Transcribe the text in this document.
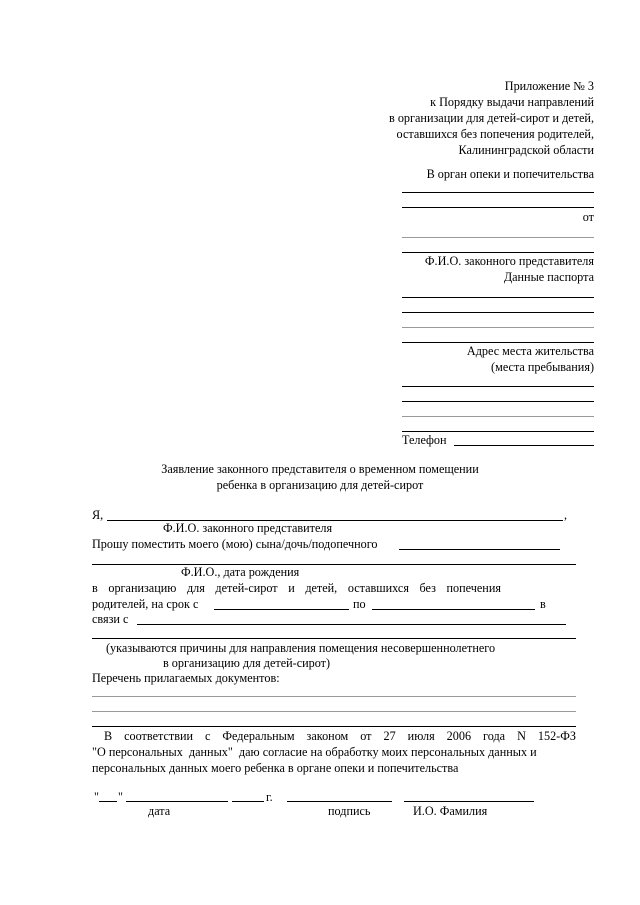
Приложение № 3
к Порядку выдачи направлений
в организации для детей-сирот и детей,
оставшихся без попечения родителей,
Калининградской области
В орган опеки и попечительства
от
Ф.И.О. законного представителя
Данные паспорта
Адрес места жительства
(места пребывания)
Телефон
Заявление законного представителя о временном помещении
ребенка в организацию для детей-сирот
Я,	,
Ф.И.О. законного представителя
Прошу поместить моего (мою) сына/дочь/подопечного
Ф.И.О., дата рождения
в организацию для детей-сирот и детей, оставшихся без попечения
родителей, на срок с	по	в
связи с
(указываются причины для направления помещения несовершеннолетнего
в организацию для детей-сирот)
Перечень прилагаемых документов:
В соответствии с Федеральным законом от 27 июля 2006 года N 152-ФЗ
"О персональных  данных"  даю согласие на обработку моих персональных данных и
персональных данных моего ребенка в органе опеки и попечительства
" "	г.
дата	подпись	И.О. Фамилия
